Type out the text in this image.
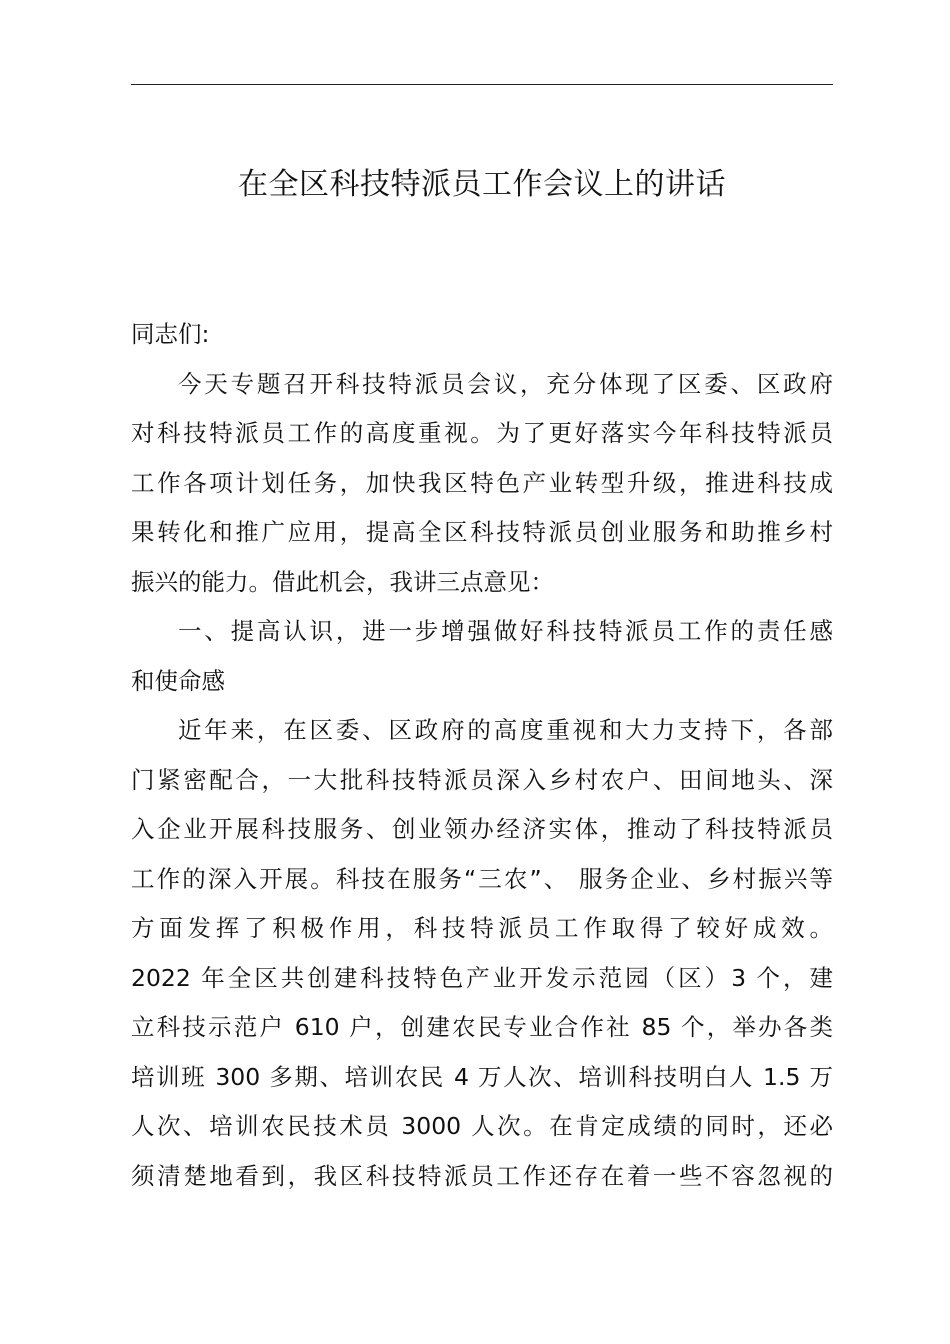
在全区科技特派员工作会议上的讲话
同志们:
今天专题召开科技特派员会议，充分体现了区委、区政府
对科技特派员工作的高度重视。为了更好落实今年科技特派员
工作各项计划任务，加快我区特色产业转型升级，推进科技成
果转化和推广应用，提高全区科技特派员创业服务和助推乡村
振兴的能力。借此机会，我讲三点意见：
一、提高认识，进一步增强做好科技特派员工作的责任感
和使命感
近年来，在区委、区政府的高度重视和大力支持下，各部
门紧密配合，一大批科技特派员深入乡村农户、田间地头、深
入企业开展科技服务、创业领办经济实体，推动了科技特派员
工作的深入开展。科技在服务“三农”、 服务企业、乡村振兴等
方面发挥了积极作用，科技特派员工作取得了较好成效。
2022 年全区共创建科技特色产业开发示范园（区）3 个，建
立科技示范户 610 户，创建农民专业合作社 85 个，举办各类
培训班 300 多期、培训农民 4 万人次、培训科技明白人 1.5 万
人次、培训农民技术员 3000 人次。在肯定成绩的同时，还必
须清楚地看到，我区科技特派员工作还存在着一些不容忽视的
